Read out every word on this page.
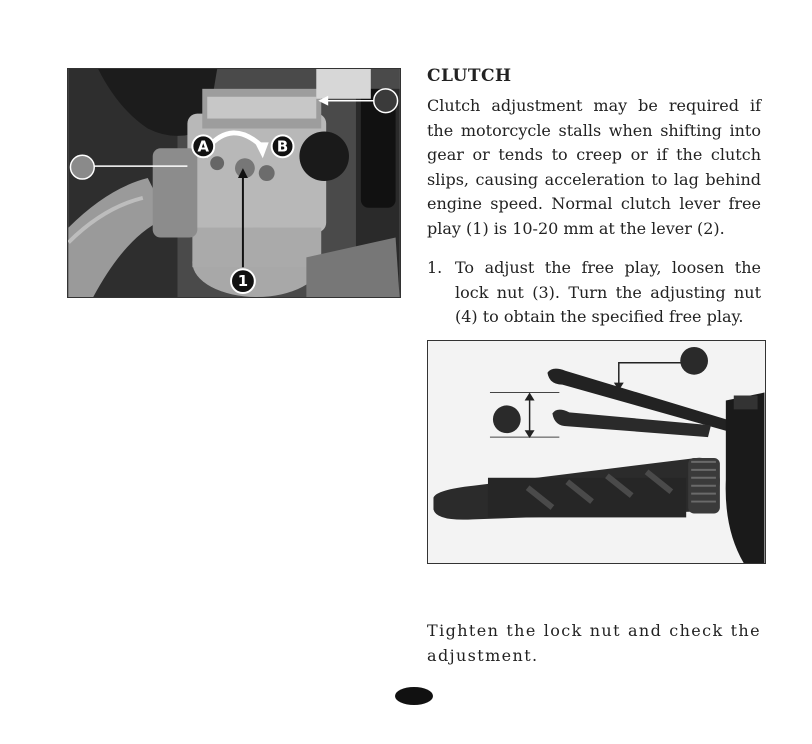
A	B
1
CLUTCH

Clutch adjustment may be required if the motorcycle stalls when shifting into gear or tends to creep or if the clutch slips, causing acceleration to lag behind engine speed. Normal clutch lever free play (1) is 10-20 mm at the lever (2).

1. To adjust the free play, loosen the lock nut (3). Turn the adjusting nut (4) to obtain the specified free play.

Tighten the lock nut and check the adjustment.
